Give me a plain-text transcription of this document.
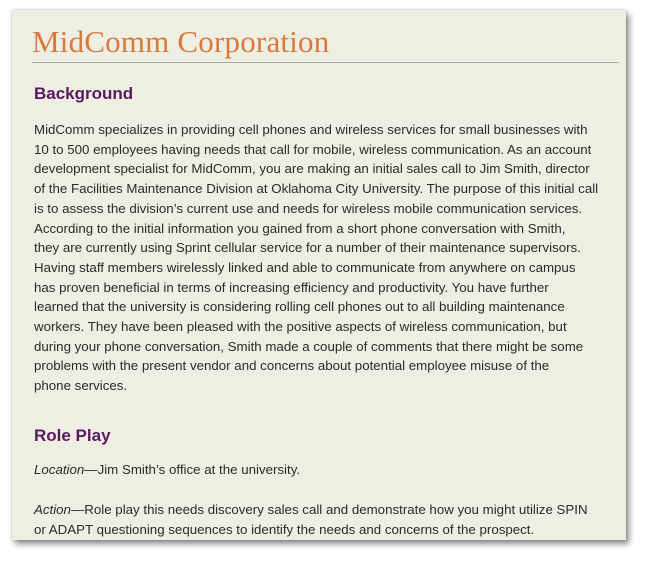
MidComm Corporation
Background
MidComm specializes in providing cell phones and wireless services for small businesses with
10 to 500 employees having needs that call for mobile, wireless communication. As an account
development specialist for MidComm, you are making an initial sales call to Jim Smith, director
of the Facilities Maintenance Division at Oklahoma City University. The purpose of this initial call
is to assess the division’s current use and needs for wireless mobile communication services.
According to the initial information you gained from a short phone conversation with Smith,
they are currently using Sprint cellular service for a number of their maintenance supervisors.
Having staff members wirelessly linked and able to communicate from anywhere on campus
has proven beneficial in terms of increasing efficiency and productivity. You have further
learned that the university is considering rolling cell phones out to all building maintenance
workers. They have been pleased with the positive aspects of wireless communication, but
during your phone conversation, Smith made a couple of comments that there might be some
problems with the present vendor and concerns about potential employee misuse of the
phone services.
Role Play
Location—Jim Smith’s office at the university.
Action—Role play this needs discovery sales call and demonstrate how you might utilize SPIN
or ADAPT questioning sequences to identify the needs and concerns of the prospect.
